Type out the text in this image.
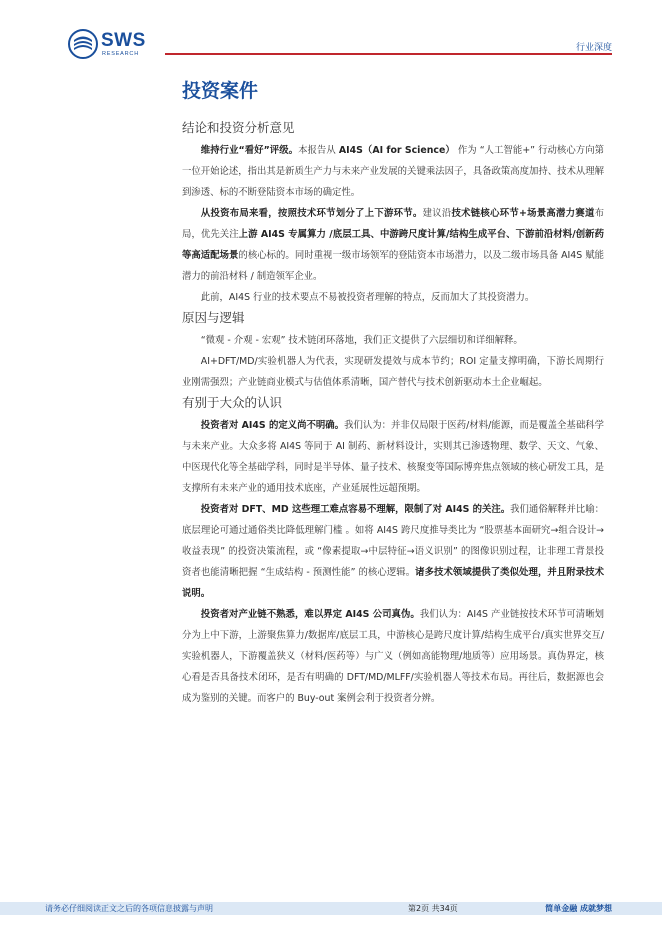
SWS
RESEARCH
行业深度
投资案件
结论和投资分析意见

维持行业“看好”评级。本报告从 AI4S（AI for Science） 作为 “人工智能+” 行动核心方向第一位开始论述，指出其是新质生产力与未来产业发展的关键乘法因子，具备政策高度加持、技术从理解到渗透、标的不断登陆资本市场的确定性。

从投资布局来看，按照技术环节划分了上下游环节。建议沿技术链核心环节+场景高潜力赛道布局，优先关注上游 AI4S 专属算力 /底层工具、中游跨尺度计算/结构生成平台、下游前沿材料/创新药等高适配场景的核心标的。同时重视一级市场领军的登陆资本市场潜力，以及二级市场具备 AI4S 赋能潜力的前沿材料 / 制造领军企业。

此前，AI4S 行业的技术要点不易被投资者理解的特点，反而加大了其投资潜力。

原因与逻辑

“微观 - 介观 - 宏观” 技术链闭环落地，我们正文提供了六层细切和详细解释。

AI+DFT/MD/实验机器人为代表，实现研发提效与成本节约；ROI 定量支撑明确，下游长周期行业刚需强烈；产业链商业模式与估值体系清晰，国产替代与技术创新驱动本土企业崛起。

有别于大众的认识

投资者对 AI4S 的定义尚不明确。我们认为：并非仅局限于医药/材料/能源，而是覆盖全基础科学与未来产业。大众多将 AI4S 等同于 AI 制药、新材料设计，实则其已渗透物理、数学、天文、气象、中医现代化等全基础学科，同时是半导体、量子技术、核聚变等国际博弈焦点领域的核心研发工具，是支撑所有未来产业的通用技术底座，产业延展性远超预期。

投资者对 DFT、MD 这些理工难点容易不理解，限制了对 AI4S 的关注。我们通俗解释并比喻：底层理论可通过通俗类比降低理解门槛 。如将 AI4S 跨尺度推导类比为 “股票基本面研究→组合设计→收益表现” 的投资决策流程，或 “像素提取→中层特征→语义识别” 的图像识别过程，让非理工背景投资者也能清晰把握 “生成结构 - 预测性能” 的核心逻辑。诸多技术领域提供了类似处理，并且附录技术说明。

投资者对产业链不熟悉，难以界定 AI4S 公司真伪。我们认为：AI4S 产业链按技术环节可清晰划分为上中下游，上游聚焦算力/数据库/底层工具，中游核心是跨尺度计算/结构生成平台/真实世界交互/实验机器人，下游覆盖狭义（材料/医药等）与广义（例如高能物理/地质等）应用场景。真伪界定，核心看是否具备技术闭环，是否有明确的 DFT/MD/MLFF/实验机器人等技术布局。再往后，数据源也会成为鉴别的关键。而客户的 Buy-out 案例会利于投资者分辨。

请务必仔细阅读正文之后的各项信息披露与声明	第2页 共34页	简单金融 成就梦想
